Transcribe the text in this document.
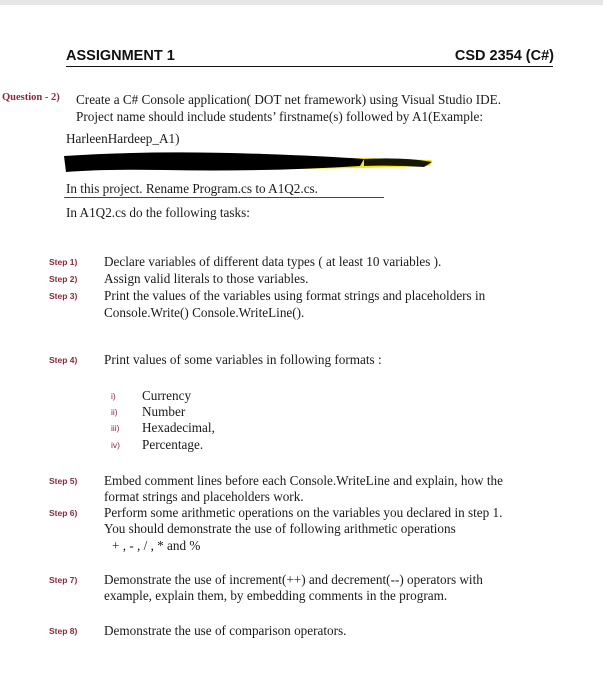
ASSIGNMENT 1	CSD 2354 (C#)
Question - 2) Create a C# Console application( DOT net framework) using Visual Studio IDE.
Project name should include students’ firstname(s) followed by A1(Example:
HarleenHardeep_A1)
In this project. Rename Program.cs to A1Q2.cs.
In A1Q2.cs do the following tasks:
Step 1) Declare variables of different data types ( at least 10 variables ).
Step 2) Assign valid literals to those variables.
Step 3) Print the values of the variables using format strings and placeholders in
Console.Write() Console.WriteLine().
Step 4) Print values of some variables in following formats :
i) Currency
ii) Number
iii) Hexadecimal,
iv) Percentage.
Step 5) Embed comment lines before each Console.WriteLine and explain, how the
format strings and placeholders work.
Step 6) Perform some arithmetic operations on the variables you declared in step 1.
You should demonstrate the use of following arithmetic operations
+ , - , / , * and %
Step 7) Demonstrate the use of increment(++) and decrement(--) operators with
example, explain them, by embedding comments in the program.
Step 8) Demonstrate the use of comparison operators.
